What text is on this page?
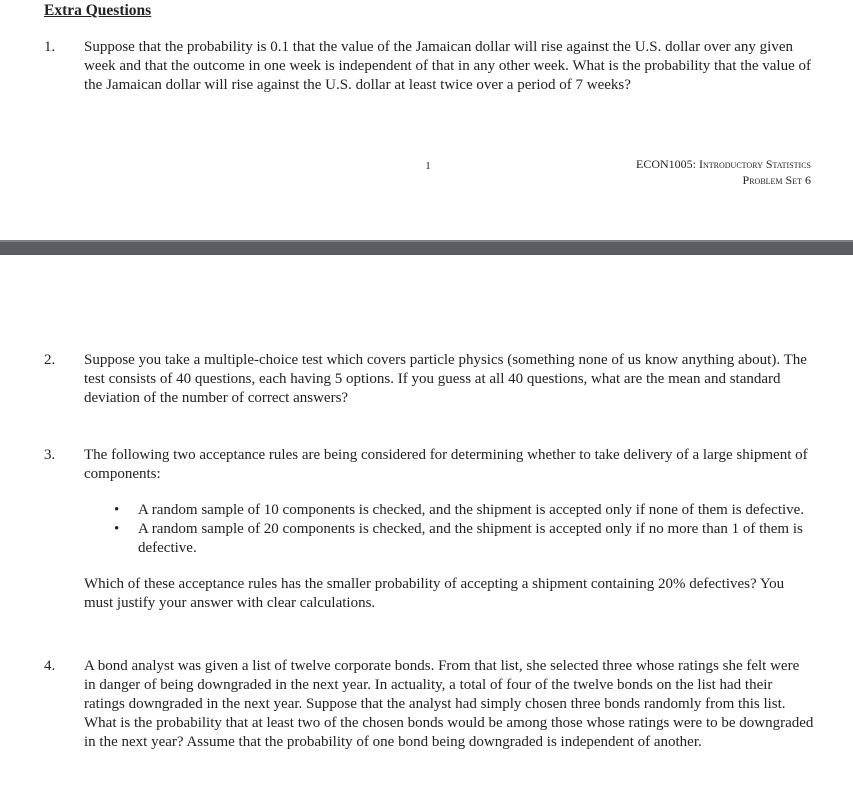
Extra Questions
1.	Suppose that the probability is 0.1 that the value of the Jamaican dollar will rise against the U.S. dollar over any given week and that the outcome in one week is independent of that in any other week. What is the probability that the value of the Jamaican dollar will rise against the U.S. dollar at least twice over a period of 7 weeks?

1	ECON1005: Introductory Statistics
Problem Set 6
2.	Suppose you take a multiple-choice test which covers particle physics (something none of us know anything about). The test consists of 40 questions, each having 5 options. If you guess at all 40 questions, what are the mean and standard deviation of the number of correct answers?

3.	The following two acceptance rules are being considered for determining whether to take delivery of a large shipment of components:

• A random sample of 10 components is checked, and the shipment is accepted only if none of them is defective.
• A random sample of 20 components is checked, and the shipment is accepted only if no more than 1 of them is defective.

Which of these acceptance rules has the smaller probability of accepting a shipment containing 20% defectives? You must justify your answer with clear calculations.

4.	A bond analyst was given a list of twelve corporate bonds. From that list, she selected three whose ratings she felt were in danger of being downgraded in the next year. In actuality, a total of four of the twelve bonds on the list had their ratings downgraded in the next year. Suppose that the analyst had simply chosen three bonds randomly from this list. What is the probability that at least two of the chosen bonds would be among those whose ratings were to be downgraded in the next year? Assume that the probability of one bond being downgraded is independent of another.
